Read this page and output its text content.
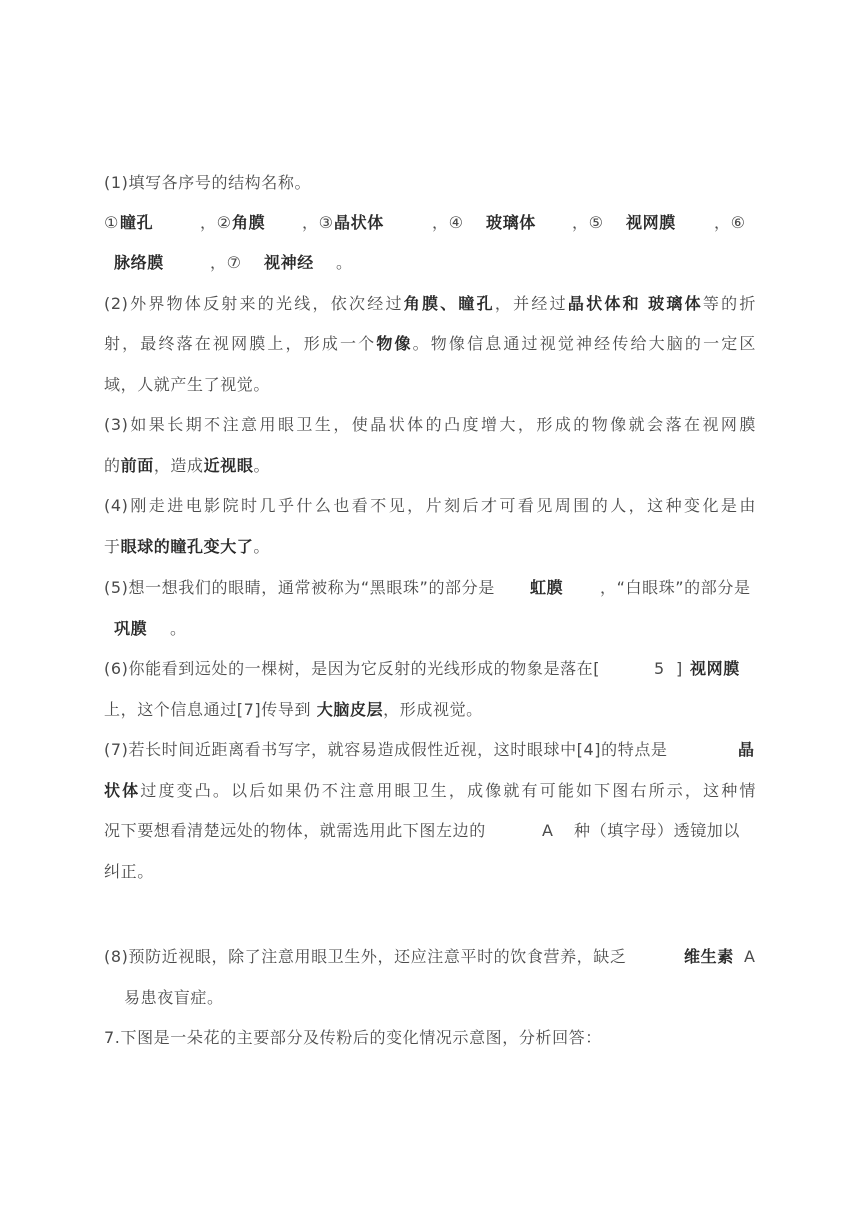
(1)填写各序号的结构名称。
① 瞳孔	，② 角膜 ，③ 晶状体	，④ 玻璃体 ，⑤ 视网膜 ，⑥
脉络膜	，⑦ 视神经 。
(2)外界物体反射来的光线，依次经过角膜、瞳孔，并经过晶状体和 玻璃体等的折
射，最终落在视网膜上，形成一个物像。物像信息通过视觉神经传给大脑的一定区
域，人就产生了视觉。
(3)如果长期不注意用眼卫生，使晶状体的凸度增大，形成的物像就会落在视网膜
的前面，造成近视眼。
(4)刚走进电影院时几乎什么也看不见，片刻后才可看见周围的人，这种变化是由
于眼球的瞳孔变大了。
(5)想一想我们的眼睛，通常被称为“黑眼珠”的部分是 虹膜 ，“白眼珠”的部分是
巩膜 。
(6)你能看到远处的一棵树，是因为它反射的光线形成的物象是落在[	5 ] 视网膜
上，这个信息通过[7]传导到 大脑皮层，形成视觉。
(7)若长时间近距离看书写字，就容易造成假性近视，这时眼球中[4]的特点是	晶
状体过度变凸。以后如果仍不注意用眼卫生，成像就有可能如下图右所示，这种情
况下要想看清楚远处的物体，就需选用此下图左边的	A 种（填字母）透镜加以
纠正。
(8)预防近视眼，除了注意用眼卫生外，还应注意平时的饮食营养，缺乏	维生素 A
易患夜盲症。
7.下图是一朵花的主要部分及传粉后的变化情况示意图，分析回答：
